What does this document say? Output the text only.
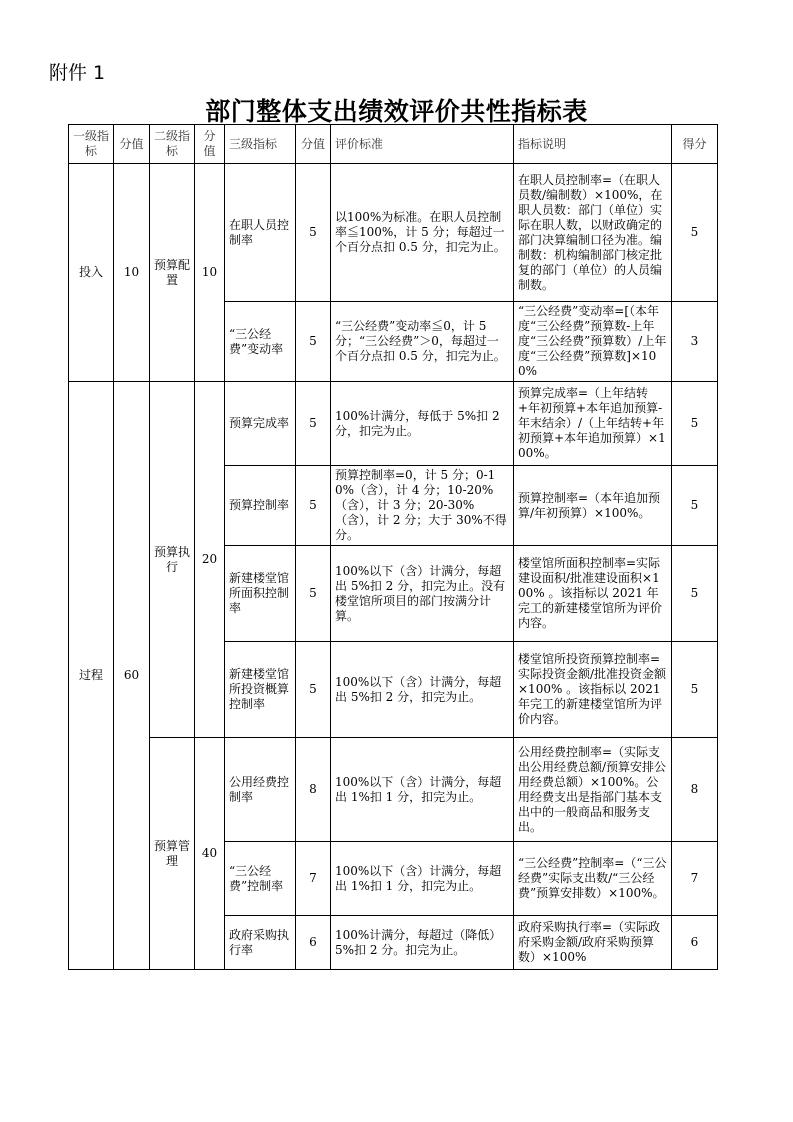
附件 1
部门整体支出绩效评价共性指标表
一级指标	分值	二级指标	分值	三级指标	分值	评价标准	指标说明	得分
投入	10	预算配置	10	在职人员控制率	5	以100%为标准。在职人员控制率≦100%，计 5 分；每超过一个百分点扣 0.5 分，扣完为止。	在职人员控制率=（在职人员数/编制数）×100%，在职人员数：部门（单位）实际在职人数，以财政确定的部门决算编制口径为准。编制数：机构编制部门核定批复的部门（单位）的人员编制数。	5
				“三公经费”变动率	5	“三公经费”变动率≦0，计 5 分；“三公经费”＞0，每超过一个百分点扣 0.5 分，扣完为止。	“三公经费”变动率=[（本年度“三公经费”预算数-上年度“三公经费”预算数）/上年度“三公经费”预算数]×100%	3
过程	60	预算执行	20	预算完成率	5	100%计满分，每低于 5%扣 2 分，扣完为止。	预算完成率=（上年结转+年初预算+本年追加预算-年末结余）/（上年结转+年初预算+本年追加预算）×100%。	5
				预算控制率	5	预算控制率=0，计 5 分；0-10%（含），计 4 分；10-20%（含），计 3 分；20-30%（含），计 2 分；大于 30%不得分。	预算控制率=（本年追加预算/年初预算）×100%。	5
				新建楼堂馆所面积控制率	5	100%以下（含）计满分，每超出 5%扣 2 分，扣完为止。没有楼堂馆所项目的部门按满分计算。	楼堂馆所面积控制率=实际建设面积/批准建设面积×100% 。该指标以 2021 年完工的新建楼堂馆所为评价内容。	5
				新建楼堂馆所投资概算控制率	5	100%以下（含）计满分，每超出 5%扣 2 分，扣完为止。	楼堂馆所投资预算控制率=实际投资金额/批准投资金额×100% 。该指标以 2021 年完工的新建楼堂馆所为评价内容。	5
		预算管理	40	公用经费控制率	8	100%以下（含）计满分，每超出 1%扣 1 分，扣完为止。	公用经费控制率=（实际支出公用经费总额/预算安排公用经费总额）×100%。公用经费支出是指部门基本支出中的一般商品和服务支出。	8
				“三公经费”控制率	7	100%以下（含）计满分，每超出 1%扣 1 分，扣完为止。	“三公经费”控制率=（“三公经费”实际支出数/“三公经费”预算安排数）×100%。	7
				政府采购执行率	6	100%计满分，每超过（降低）5%扣 2 分。扣完为止。	政府采购执行率=（实际政府采购金额/政府采购预算数）×100%	6
